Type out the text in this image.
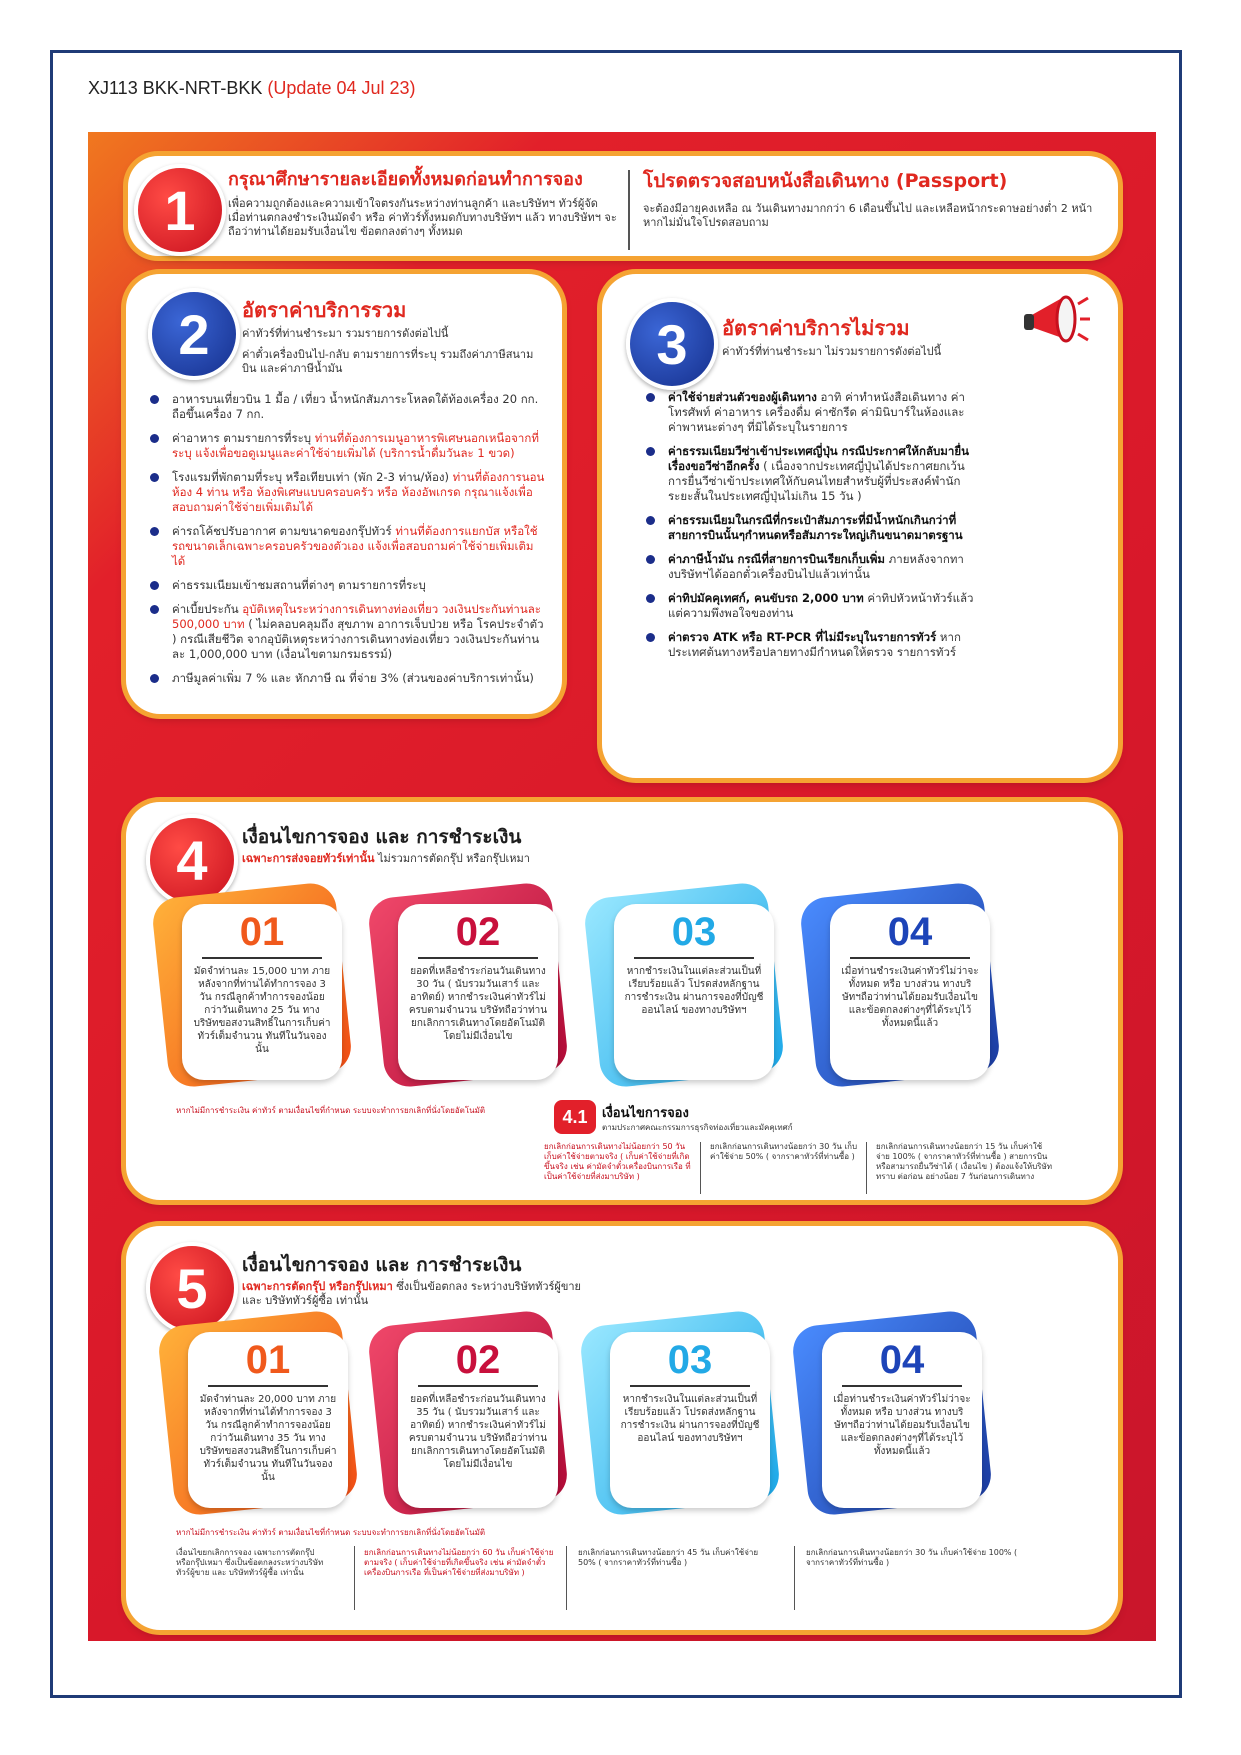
XJ113 BKK-NRT-BKK (Update 04 Jul 23)
1	กรุณาศึกษารายละเอียดทั้งหมดก่อนทำการจอง
เพื่อความถูกต้องและความเข้าใจตรงกันระหว่างท่านลูกค้า และบริษัทฯ ทัวร์ผู้จัด เมื่อท่านตกลงชำระเงินมัดจำ หรือ ค่าทัวร์ทั้งหมดกับทางบริษัทฯ แล้ว ทางบริษัทฯ จะถือว่าท่านได้ยอมรับเงื่อนไข ข้อตกลงต่างๆ ทั้งหมด
โปรดตรวจสอบหนังสือเดินทาง (Passport)
จะต้องมีอายุคงเหลือ ณ วันเดินทางมากกว่า 6 เดือนขึ้นไป และเหลือหน้ากระดาษอย่างต่ำ 2 หน้าหากไม่มั่นใจโปรดสอบถาม
2	อัตราค่าบริการรวม
ค่าทัวร์ที่ท่านชำระมา รวมรายการดังต่อไปนี้
ค่าตั๋วเครื่องบินไป-กลับ ตามรายการที่ระบุ รวมถึงค่าภาษีสนามบิน และค่าภาษีน้ำมัน
อาหารบนเที่ยวบิน 1 มื้อ / เที่ยว น้ำหนักสัมภาระโหลดใต้ท้องเครื่อง 20 กก. ถือขึ้นเครื่อง 7 กก.
ค่าอาหาร ตามรายการที่ระบุ ท่านที่ต้องการเมนูอาหารพิเศษนอกเหนือจากที่ระบุ แจ้งเพื่อขอดูเมนูและค่าใช้จ่ายเพิ่มได้ (บริการน้ำดื่มวันละ 1 ขวด)
โรงแรมที่พักตามที่ระบุ หรือเทียบเท่า (พัก 2-3 ท่าน/ห้อง) ท่านที่ต้องการนอนห้อง 4 ท่าน หรือ ห้องพิเศษแบบครอบครัว หรือ ห้องอัพเกรด กรุณาแจ้งเพื่อสอบถามค่าใช้จ่ายเพิ่มเติมได้
ค่ารถโค้ชปรับอากาศ ตามขนาดของกรุ๊ปทัวร์ ท่านที่ต้องการแยกบัส หรือใช้รถขนาดเล็กเฉพาะครอบครัวของตัวเอง แจ้งเพื่อสอบถามค่าใช้จ่ายเพิ่มเติมได้
ค่าธรรมเนียมเข้าชมสถานที่ต่างๆ ตามรายการที่ระบุ
ค่าเบี้ยประกัน อุบัติเหตุในระหว่างการเดินทางท่องเที่ยว วงเงินประกันท่านละ 500,000 บาท ( ไม่คลอบคลุมถึง สุขภาพ อาการเจ็บป่วย หรือ โรคประจำตัว ) กรณีเสียชีวิต จากอุบัติเหตุระหว่างการเดินทางท่องเที่ยว วงเงินประกันท่านละ 1,000,000 บาท (เงื่อนไขตามกรมธรรม์)
ภาษีมูลค่าเพิ่ม 7 % และ หักภาษี ณ ที่จ่าย 3% (ส่วนของค่าบริการเท่านั้น)
3	อัตราค่าบริการไม่รวม
ค่าทัวร์ที่ท่านชำระมา ไม่รวมรายการดังต่อไปนี้
ค่าใช้จ่ายส่วนตัวของผู้เดินทาง อาทิ ค่าทำหนังสือเดินทาง ค่าโทรศัพท์ ค่าอาหาร เครื่องดื่ม ค่าซักรีด ค่ามินิบาร์ในห้องและค่าพาหนะต่างๆ ที่มิได้ระบุในรายการ
ค่าธรรมเนียมวีซ่าเข้าประเทศญี่ปุ่น กรณีประกาศให้กลับมายื่นเรื่องขอวีซ่าอีกครั้ง ( เนื่องจากประเทศญี่ปุ่นได้ประกาศยกเว้นการยื่นวีซ่าเข้าประเทศให้กับคนไทยสำหรับผู้ที่ประสงค์พำนักระยะสั้นในประเทศญี่ปุ่นไม่เกิน 15 วัน )
ค่าธรรมเนียมในกรณีที่กระเป๋าสัมภาระที่มีน้ำหนักเกินกว่าที่สายการบินนั้นๆกำหนดหรือสัมภาระใหญ่เกินขนาดมาตรฐาน
ค่าภาษีน้ำมัน กรณีที่สายการบินเรียกเก็บเพิ่ม ภายหลังจากทางบริษัทฯได้ออกตั๋วเครื่องบินไปแล้วเท่านั้น
ค่าทิปมัคคุเทศก์, คนขับรถ 2,000 บาท ค่าทิปหัวหน้าทัวร์แล้วแต่ความพึงพอใจของท่าน
ค่าตรวจ ATK หรือ RT-PCR ที่ไม่มีระบุในรายการทัวร์ หากประเทศต้นทางหรือปลายทางมีกำหนดให้ตรวจ รายการทัวร์
4	เงื่อนไขการจอง และ การชำระเงิน
เฉพาะการส่งจอยทัวร์เท่านั้น ไม่รวมการตัดกรุ๊ป หรือกรุ๊ปเหมา
01
มัดจำท่านละ 15,000 บาท ภายหลังจากที่ท่านได้ทำการจอง 3 วัน กรณีลูกค้าทำการจองน้อยกว่าวันเดินทาง 25 วัน ทางบริษัทขอสงวนสิทธิ์ในการเก็บค่าทัวร์เต็มจำนวน ทันทีในวันจองนั้น
02
ยอดที่เหลือชำระก่อนวันเดินทาง 30 วัน ( นับรวมวันเสาร์ และ อาทิตย์) หากชำระเงินค่าทัวร์ไม่ครบตามจำนวน บริษัทถือว่าท่านยกเลิกการเดินทางโดยอัตโนมัติ โดยไม่มีเงื่อนไข
03
หากชำระเงินในแต่ละส่วนเป็นที่เรียบร้อยแล้ว โปรดส่งหลักฐานการชำระเงิน ผ่านการจองที่บัญชี ออนไลน์ ของทางบริษัทฯ
04
เมื่อท่านชำระเงินค่าทัวร์ไม่ว่าจะทั้งหมด หรือ บางส่วน ทางบริษัทฯถือว่าท่านได้ยอมรับเงื่อนไขและข้อตกลงต่างๆที่ได้ระบุไว้ ทั้งหมดนี้แล้ว
หากไม่มีการชำระเงิน ค่าทัวร์ ตามเงื่อนไขที่กำหนด ระบบจะทำการยกเลิกที่นั่งโดยอัตโนมัติ	4.1	เงื่อนไขการจอง
ตามประกาศคณะกรรมการธุรกิจท่องเที่ยวและมัคคุเทศก์
ยกเลิกก่อนการเดินทางไม่น้อยกว่า 50 วัน เก็บค่าใช้จ่ายตามจริง ( เก็บค่าใช้จ่ายที่เกิดขึ้นจริง เช่น ค่ามัดจำตั๋วเครื่องบินการเรือ ที่เป็นค่าใช้จ่ายที่ส่งมาบริษัท )
ยกเลิกก่อนการเดินทางน้อยกว่า 30 วัน เก็บค่าใช้จ่าย 50% ( จากราคาทัวร์ที่ท่านซื้อ )
ยกเลิกก่อนการเดินทางน้อยกว่า 15 วัน เก็บค่าใช้จ่าย 100% ( จากราคาทัวร์ที่ท่านซื้อ ) สายการบินหรือสามารถยื่นวีซ่าได้ ( เงื่อนไข ) ต้องแจ้งให้บริษัท ทราบ ต่อก่อน อย่างน้อย 7 วันก่อนการเดินทาง
5	เงื่อนไขการจอง และ การชำระเงิน
เฉพาะการตัดกรุ๊ป หรือกรุ๊ปเหมา ซึ่งเป็นข้อตกลง ระหว่างบริษัททัวร์ผู้ขาย และ บริษัททัวร์ผู้ซื้อ เท่านั้น
01
มัดจำท่านละ 20,000 บาท ภายหลังจากที่ท่านได้ทำการจอง 3 วัน กรณีลูกค้าทำการจองน้อยกว่าวันเดินทาง 35 วัน ทางบริษัทขอสงวนสิทธิ์ในการเก็บค่าทัวร์เต็มจำนวน ทันทีในวันจองนั้น
02
ยอดที่เหลือชำระก่อนวันเดินทาง 35 วัน ( นับรวมวันเสาร์ และ อาทิตย์) หากชำระเงินค่าทัวร์ไม่ครบตามจำนวน บริษัทถือว่าท่านยกเลิกการเดินทางโดยอัตโนมัติ โดยไม่มีเงื่อนไข
03
หากชำระเงินในแต่ละส่วนเป็นที่เรียบร้อยแล้ว โปรดส่งหลักฐานการชำระเงิน ผ่านการจองที่บัญชี ออนไลน์ ของทางบริษัทฯ
04
เมื่อท่านชำระเงินค่าทัวร์ไม่ว่าจะทั้งหมด หรือ บางส่วน ทางบริษัทฯถือว่าท่านได้ยอมรับเงื่อนไขและข้อตกลงต่างๆที่ได้ระบุไว้ ทั้งหมดนี้แล้ว
หากไม่มีการชำระเงิน ค่าทัวร์ ตามเงื่อนไขที่กำหนด ระบบจะทำการยกเลิกที่นั่งโดยอัตโนมัติ
เงื่อนไขยกเลิกการจอง เฉพาะการตัดกรุ๊ป หรือกรุ๊ปเหมา ซึ่งเป็นข้อตกลงระหว่างบริษัททัวร์ผู้ขาย และ บริษัททัวร์ผู้ซื้อ เท่านั้น
ยกเลิกก่อนการเดินทางไม่น้อยกว่า 60 วัน เก็บค่าใช้จ่ายตามจริง ( เก็บค่าใช้จ่ายที่เกิดขึ้นจริง เช่น ค่ามัดจำตั๋วเครื่องบินการเรือ ที่เป็นค่าใช้จ่ายที่ส่งมาบริษัท )
ยกเลิกก่อนการเดินทางน้อยกว่า 45 วัน เก็บค่าใช้จ่าย 50% ( จากราคาทัวร์ที่ท่านซื้อ )
ยกเลิกก่อนการเดินทางน้อยกว่า 30 วัน เก็บค่าใช้จ่าย 100% ( จากราคาทัวร์ที่ท่านซื้อ )
